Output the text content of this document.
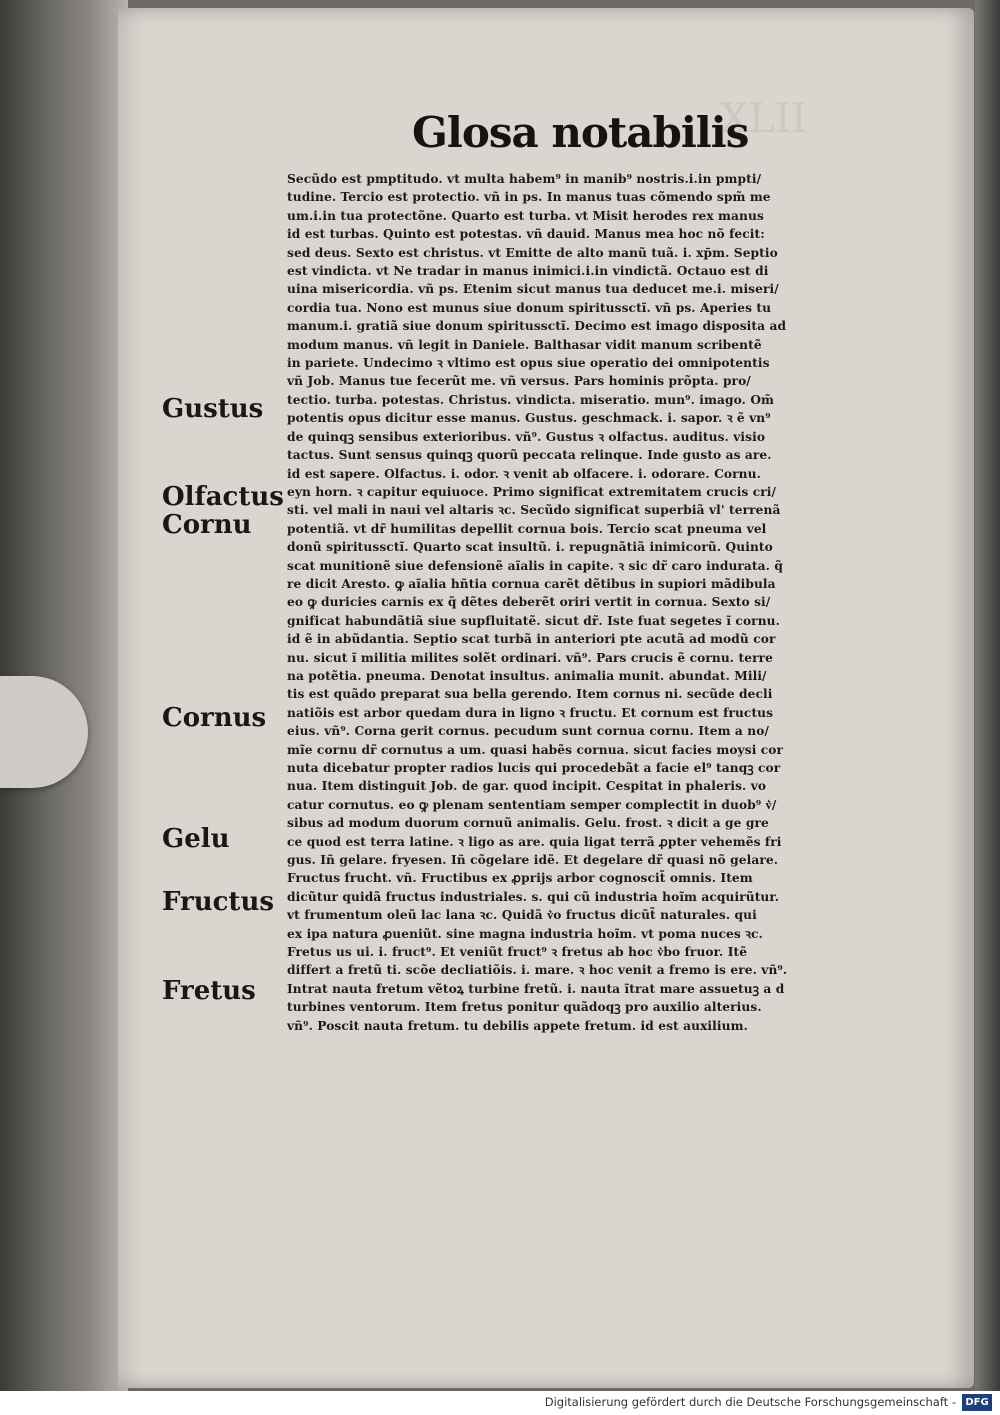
XLII
Glosa notabilis
Gustus
Olfactus
Cornu
Cornus
Gelu
Fructus
Fretus
Secũdo est pmptitudo. vt multa habem⁹ in manib⁹ nostris.i.in pmpti/
tudine. Tercio est protectio. vñ in ps. In manus tuas cõmendo spm̃ me
um.i.in tua protectõne. Quarto est turba. vt Misit herodes rex manus
id est turbas. Quinto est potestas. vñ dauid. Manus mea hoc nõ fecit:
sed deus. Sexto est christus. vt Emitte de alto manũ tuã. i. xp̄m. Septio
est vindicta. vt Ne tradar in manus inimici.i.in vindictã. Octauo est di
uina misericordia. vñ ps. Etenim sicut manus tua deducet me.i. miseri/
cordia tua. Nono est munus siue donum spiritussctĩ. vñ ps. Aperies tu
manum.i. gratiã siue donum spiritussctĩ. Decimo est imago disposita ad
modum manus. vñ legit in Daniele. Balthasar vidit manum scribentẽ
in pariete. Undecimo ꝛ vltimo est opus siue operatio dei omnipotentis
vñ Job. Manus tue fecerũt me. vñ versus. Pars hominis prõpta. pro/
tectio. turba. potestas. Christus. vindicta. miseratio. mun⁹. imago. Om̃
potentis opus dicitur esse manus. Gustus. geschmack. i. sapor. ꝛ ẽ vn⁹
de quinqꝫ sensibus exterioribus. vñ⁹. Gustus ꝛ olfactus. auditus. visio
tactus. Sunt sensus quinqꝫ quorũ peccata relinque. Inde gusto as are.
id est sapere. Olfactus. i. odor. ꝛ venit ab olfacere. i. odorare. Cornu.
eyn horn. ꝛ capitur equiuoce. Primo significat extremitatem crucis cri/
sti. vel mali in naui vel altaris ꝛc. Secũdo significat superbiã vl' terrenã
potentiã. vt dr̃ humilitas depellit cornua bois. Tercio scat pneuma vel
donũ spiritussctĩ. Quarto scat insultũ. i. repugnãtiã inimicorũ. Quinto
scat munitionẽ siue defensionẽ aĩalis in capite. ꝛ sic dr̃ caro indurata. q̃
re dicit Aresto. ꝙ aĩalia hñtia cornua carẽt dẽtibus in supiori mãdibula
eo ꝙ duricies carnis ex q̃ dẽtes deberẽt oriri vertit in cornua. Sexto si/
gnificat habundãtiã siue supfluitatẽ. sicut dr̃. Iste fuat segetes ĩ cornu.
id ẽ in abũdantia. Septio scat turbã in anteriori pte acutã ad modũ cor
nu. sicut ĩ militia milites solẽt ordinari. vñ⁹. Pars crucis ẽ cornu. terre
na potẽtia. pneuma. Denotat insultus. animalia munit. abundat. Mili/
tis est quãdo preparat sua bella gerendo. Item cornus ni. secũde decli
natiõis est arbor quedam dura in ligno ꝛ fructu. Et cornum est fructus
eius. vñ⁹. Corna gerit cornus. pecudum sunt cornua cornu. Item a no/
mĩe cornu dr̃ cornutus a um. quasi habẽs cornua. sicut facies moysi cor
nuta dicebatur propter radios lucis qui procedebãt a facie el⁹ tanqꝫ cor
nua. Item distinguit Job. de gar. quod incipit. Cespitat in phaleris. vo
catur cornutus. eo ꝙ plenam sententiam semper complectit in duob⁹ v͛/
sibus ad modum duorum cornuũ animalis. Gelu. frost. ꝛ dicit a ge gre
ce quod est terra latine. ꝛ ligo as are. quia ligat terrã ꝓpter vehemẽs fri
gus. Iñ gelare. fryesen. Iñ cõgelare idẽ. Et degelare dr̃ quasi nõ gelare.
Fructus frucht. vñ. Fructibus ex ꝓprijs arbor cognoscit̃ omnis. Item
dicũtur quidã fructus industriales. s. qui cũ industria hoĩm acquirũtur.
vt frumentum oleũ lac lana ꝛc. Quidã v͛o fructus dicũt̃ naturales. qui
ex ipa natura ꝓueniũt. sine magna industria hoĩm. vt poma nuces ꝛc.
Fretus us ui. i. fruct⁹. Et veniũt fruct⁹ ꝛ fretus ab hoc v͛bo fruor. Itẽ
differt a fretũ ti. scõe decliatiõis. i. mare. ꝛ hoc venit a fremo is ere. vñ⁹.
Intrat nauta fretum vẽtoꝝ turbine fretũ. i. nauta ĩtrat mare assuetuꝫ a d
turbines ventorum. Item fretus ponitur quãdoqꝫ pro auxilio alterius.
vñ⁹. Poscit nauta fretum. tu debilis appete fretum. id est auxilium.
Digitalisierung gefördert durch die Deutsche Forschungsgemeinschaft - DFG
